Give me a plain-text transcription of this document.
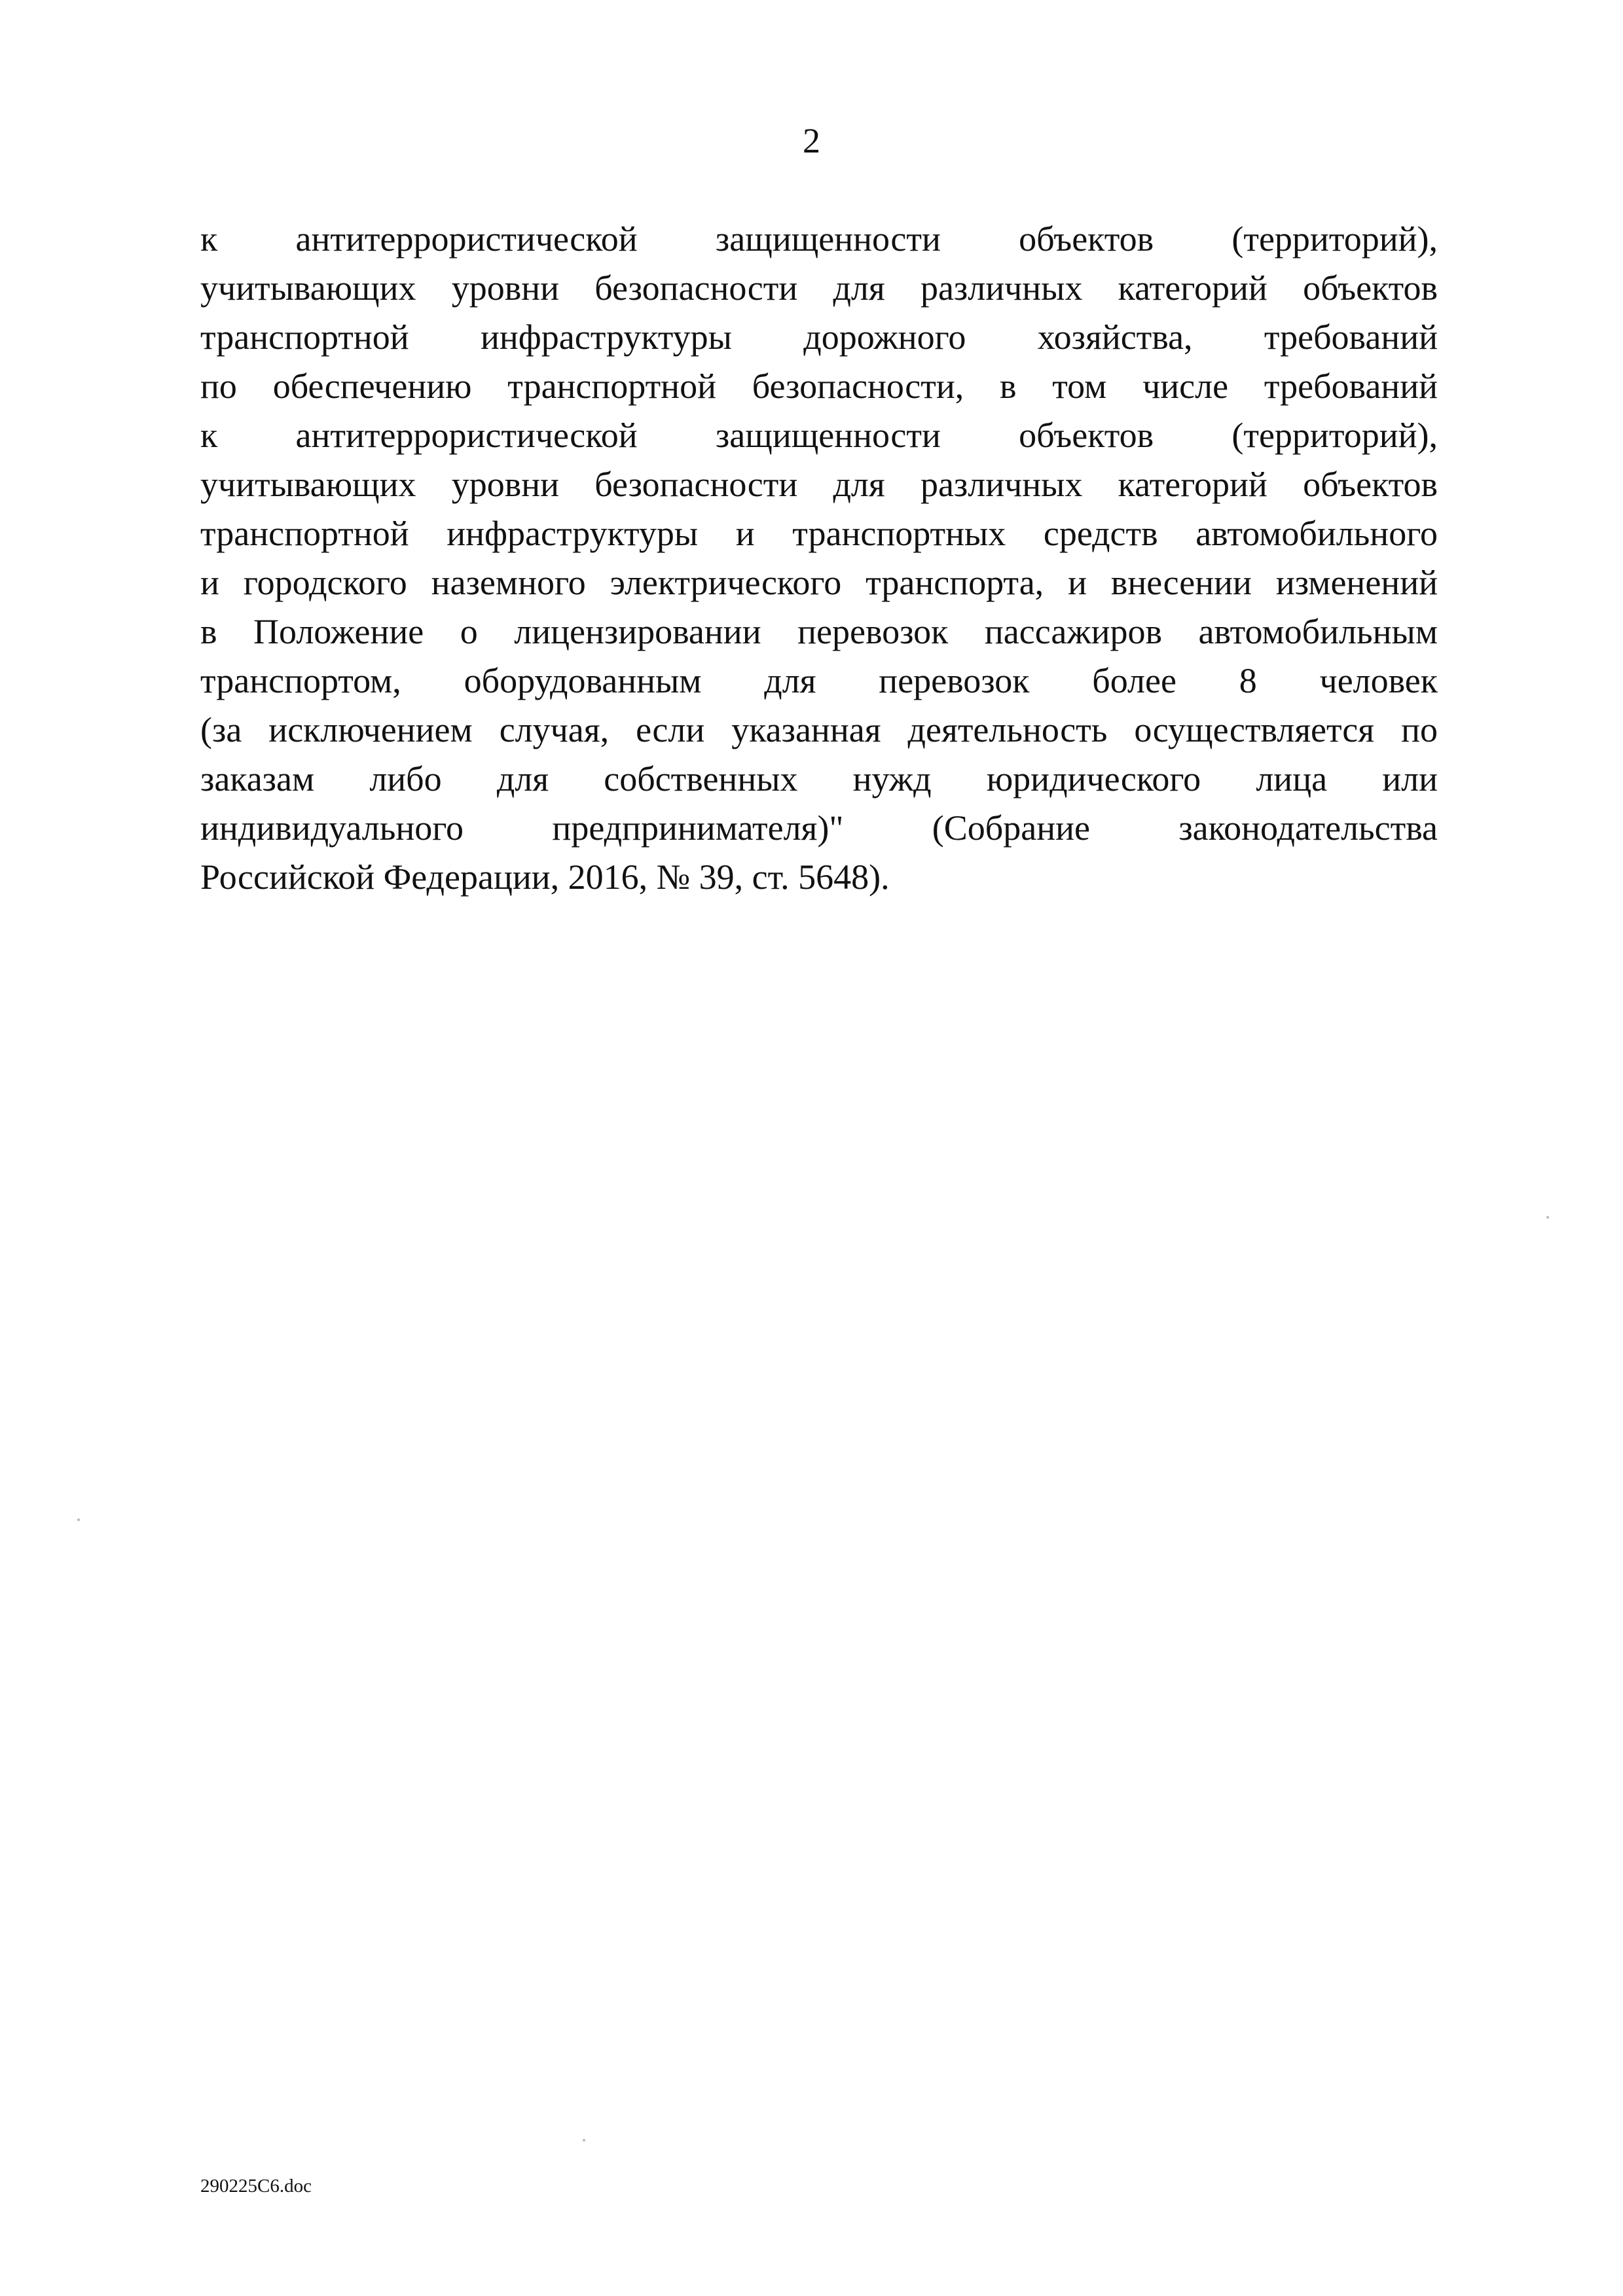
2
к антитеррористической защищенности объектов (территорий),
учитывающих уровни безопасности для различных категорий объектов
транспортной инфраструктуры дорожного хозяйства, требований
по обеспечению транспортной безопасности, в том числе требований
к антитеррористической защищенности объектов (территорий),
учитывающих уровни безопасности для различных категорий объектов
транспортной инфраструктуры и транспортных средств автомобильного
и городского наземного электрического транспорта, и внесении изменений
в Положение о лицензировании перевозок пассажиров автомобильным
транспортом, оборудованным для перевозок более 8 человек
(за исключением случая, если указанная деятельность осуществляется по
заказам либо для собственных нужд юридического лица или
индивидуального предпринимателя)" (Собрание законодательства
Российской Федерации, 2016, № 39, ст. 5648).
290225C6.doc
